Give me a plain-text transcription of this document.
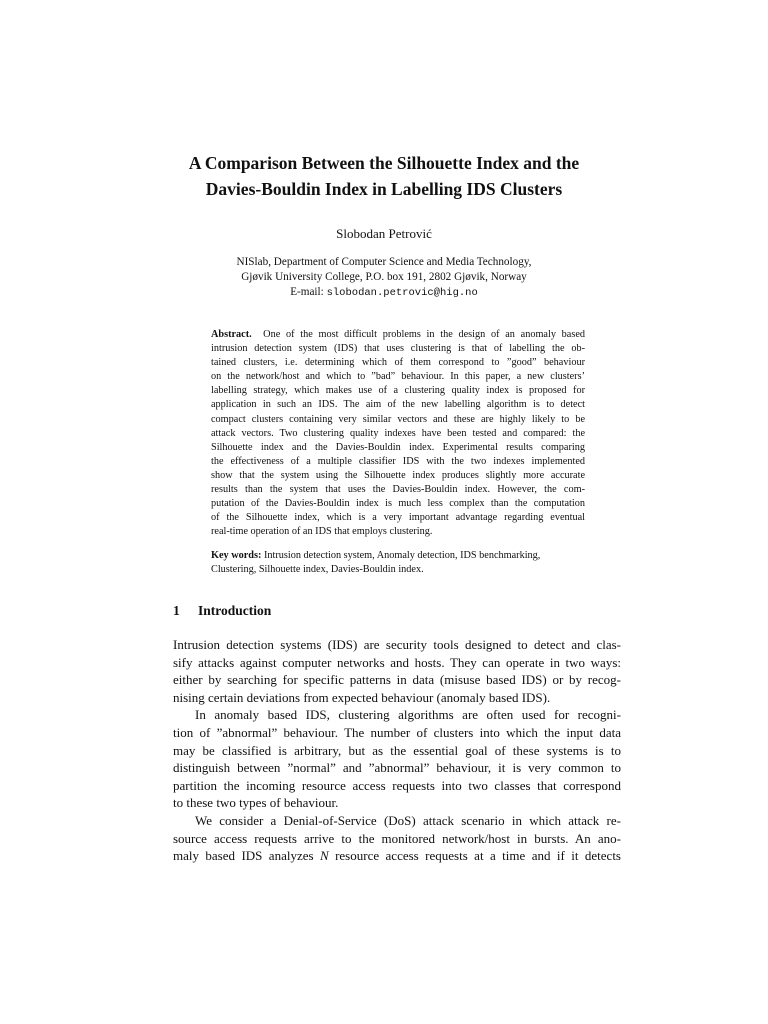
A Comparison Between the Silhouette Index and the
Davies-Bouldin Index in Labelling IDS Clusters
Slobodan Petrović
NISlab, Department of Computer Science and Media Technology,
Gjøvik University College, P.O. box 191, 2802 Gjøvik, Norway
E-mail: slobodan.petrovic@hig.no
Abstract. One of the most difficult problems in the design of an anomaly based
intrusion detection system (IDS) that uses clustering is that of labelling the ob-
tained clusters, i.e. determining which of them correspond to ”good” behaviour
on the network/host and which to ”bad” behaviour. In this paper, a new clusters’
labelling strategy, which makes use of a clustering quality index is proposed for
application in such an IDS. The aim of the new labelling algorithm is to detect
compact clusters containing very similar vectors and these are highly likely to be
attack vectors. Two clustering quality indexes have been tested and compared: the
Silhouette index and the Davies-Bouldin index. Experimental results comparing
the effectiveness of a multiple classifier IDS with the two indexes implemented
show that the system using the Silhouette index produces slightly more accurate
results than the system that uses the Davies-Bouldin index. However, the com-
putation of the Davies-Bouldin index is much less complex than the computation
of the Silhouette index, which is a very important advantage regarding eventual
real-time operation of an IDS that employs clustering.
Key words: Intrusion detection system, Anomaly detection, IDS benchmarking,
Clustering, Silhouette index, Davies-Bouldin index.
1 Introduction
Intrusion detection systems (IDS) are security tools designed to detect and clas-
sify attacks against computer networks and hosts. They can operate in two ways:
either by searching for specific patterns in data (misuse based IDS) or by recog-
nising certain deviations from expected behaviour (anomaly based IDS).
In anomaly based IDS, clustering algorithms are often used for recogni-
tion of ”abnormal” behaviour. The number of clusters into which the input data
may be classified is arbitrary, but as the essential goal of these systems is to
distinguish between ”normal” and ”abnormal” behaviour, it is very common to
partition the incoming resource access requests into two classes that correspond
to these two types of behaviour.
We consider a Denial-of-Service (DoS) attack scenario in which attack re-
source access requests arrive to the monitored network/host in bursts. An ano-
maly based IDS analyzes N resource access requests at a time and if it detects
